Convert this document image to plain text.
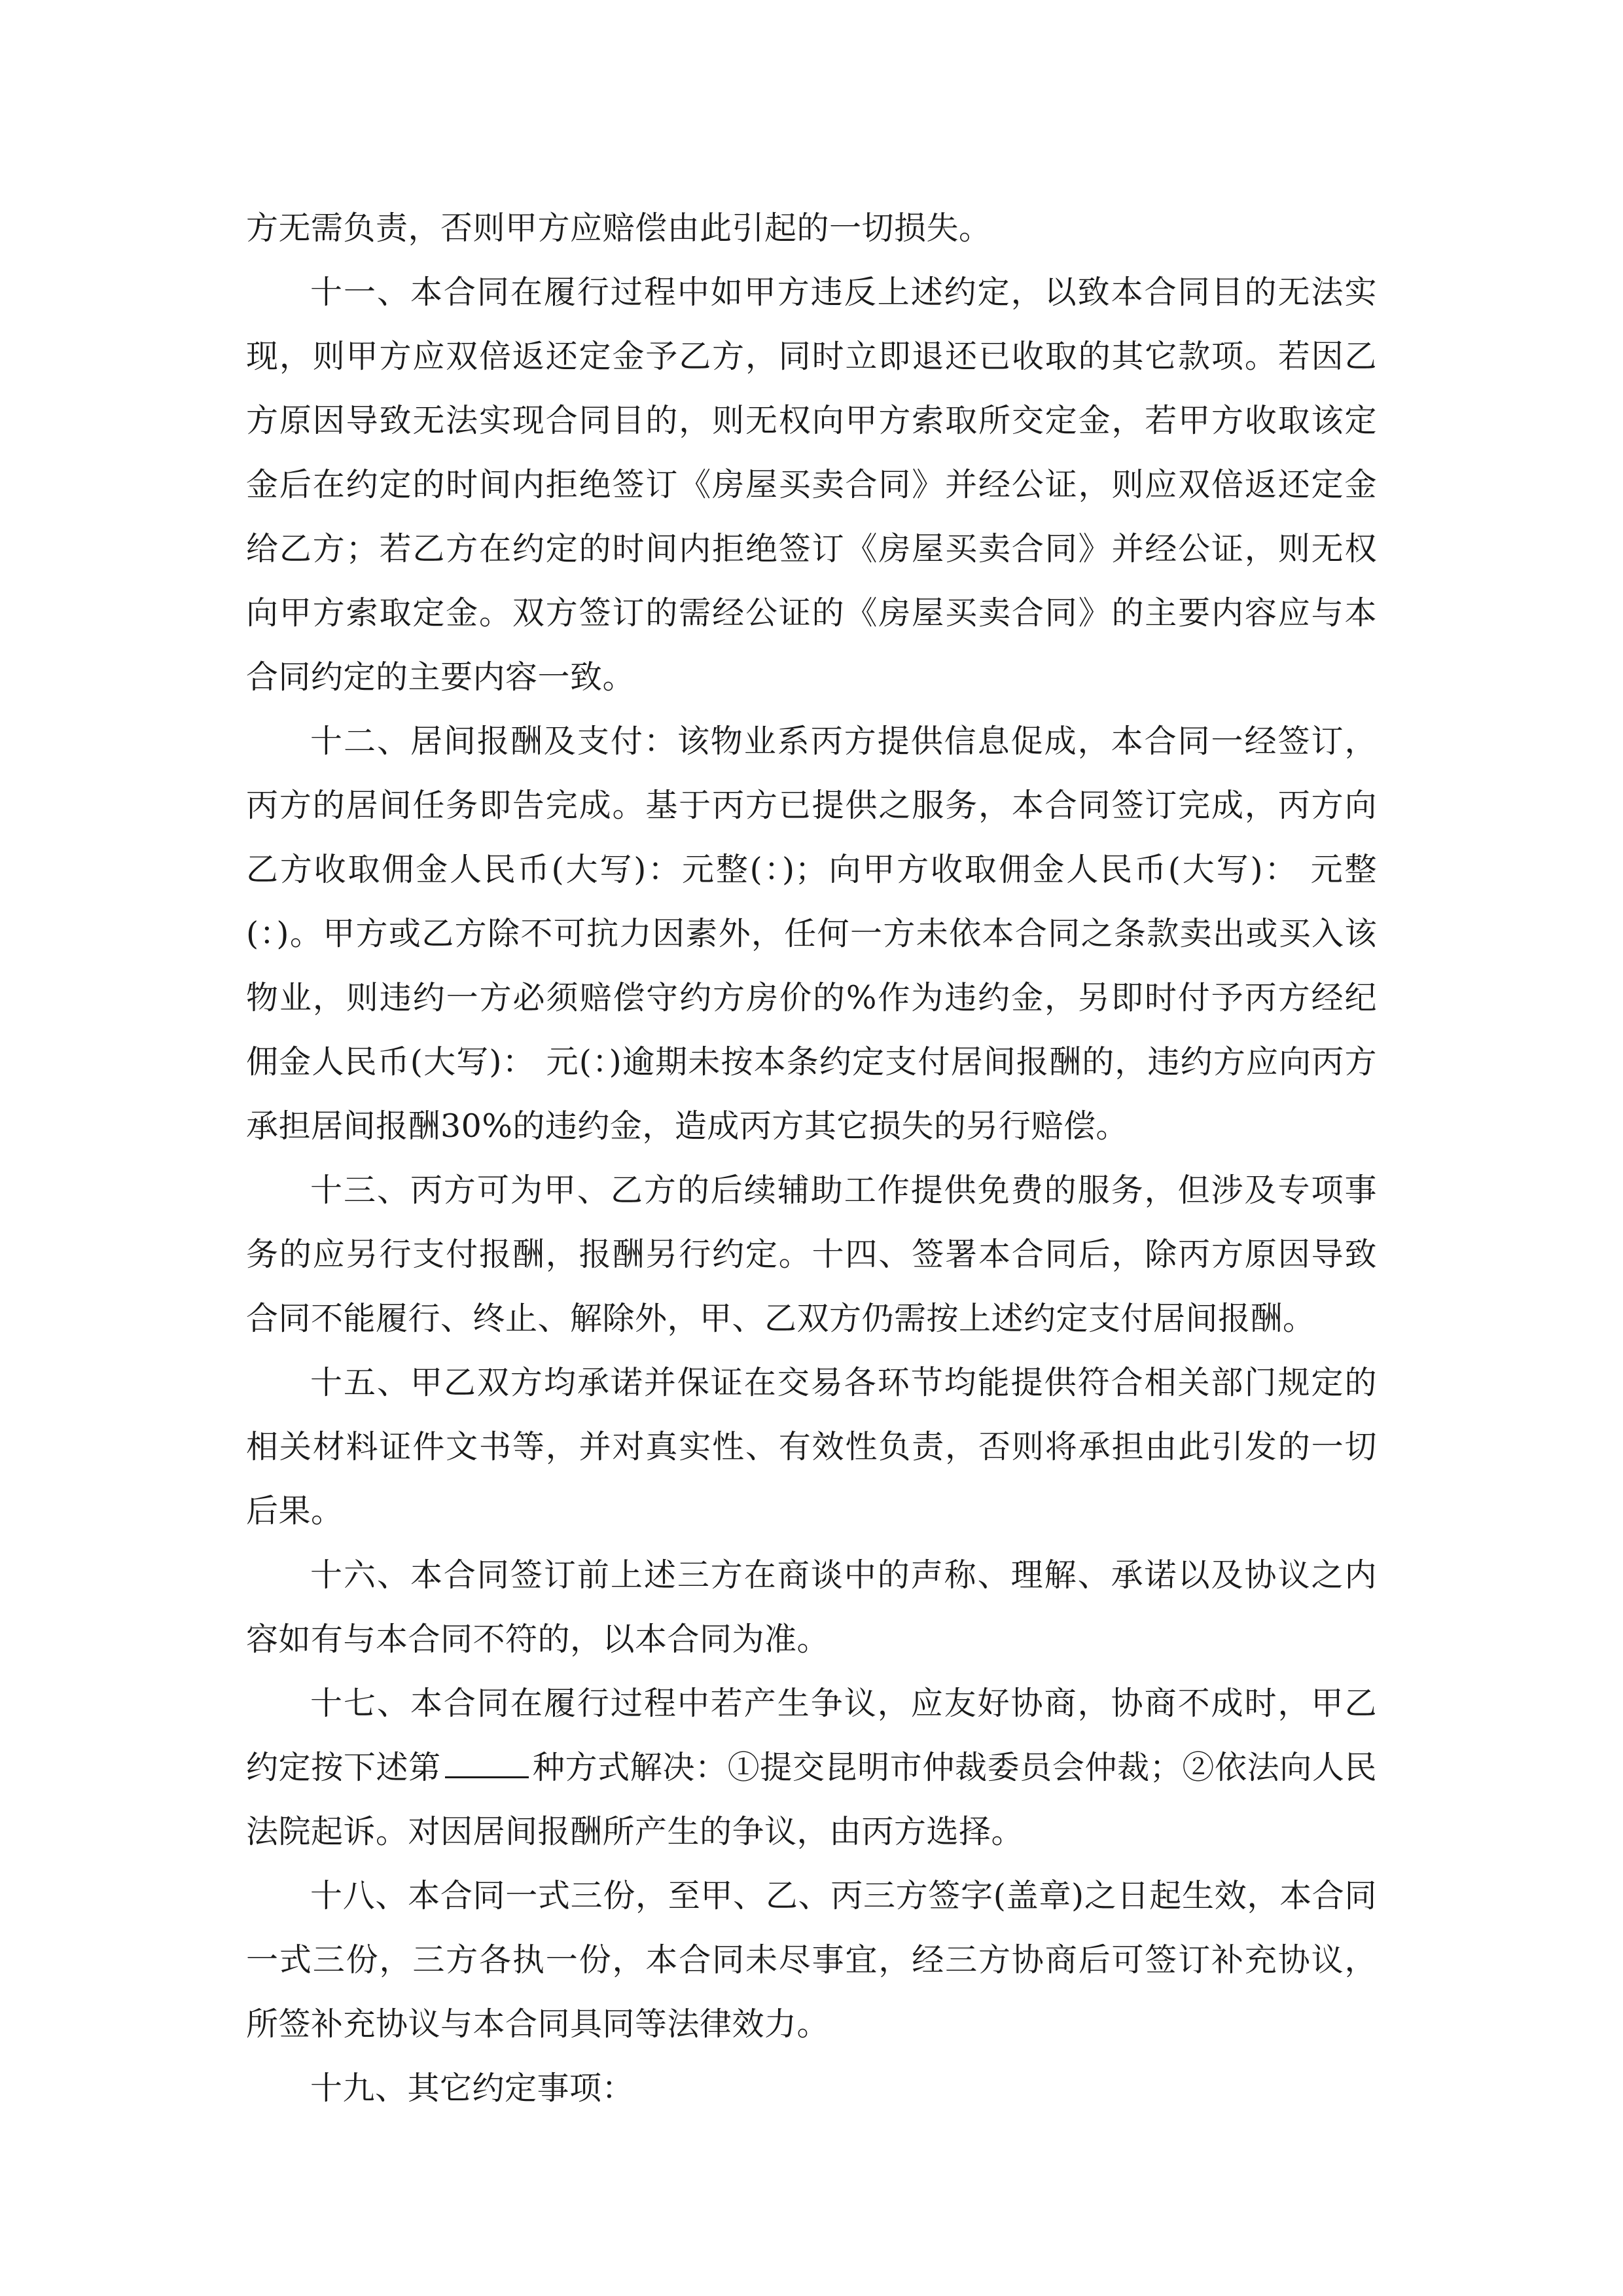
方无需负责，否则甲方应赔偿由此引起的一切损失。

十一、本合同在履行过程中如甲方违反上述约定，以致本合同目的无法实现，则甲方应双倍返还定金予乙方，同时立即退还已收取的其它款项。若因乙方原因导致无法实现合同目的，则无权向甲方索取所交定金，若甲方收取该定金后在约定的时间内拒绝签订《房屋买卖合同》并经公证，则应双倍返还定金给乙方；若乙方在约定的时间内拒绝签订《房屋买卖合同》并经公证，则无权向甲方索取定金。双方签订的需经公证的《房屋买卖合同》的主要内容应与本合同约定的主要内容一致。

十二、居间报酬及支付：该物业系丙方提供信息促成，本合同一经签订，丙方的居间任务即告完成。基于丙方已提供之服务，本合同签订完成，丙方向乙方收取佣金人民币(大写)：元整(：)；向甲方收取佣金人民币(大写)： 元整(：)。甲方或乙方除不可抗力因素外，任何一方未依本合同之条款卖出或买入该物业，则违约一方必须赔偿守约方房价的%作为违约金，另即时付予丙方经纪佣金人民币(大写)： 元(：)逾期未按本条约定支付居间报酬的，违约方应向丙方承担居间报酬30%的违约金，造成丙方其它损失的另行赔偿。

十三、丙方可为甲、乙方的后续辅助工作提供免费的服务，但涉及专项事务的应另行支付报酬，报酬另行约定。十四、签署本合同后，除丙方原因导致合同不能履行、终止、解除外，甲、乙双方仍需按上述约定支付居间报酬。

十五、甲乙双方均承诺并保证在交易各环节均能提供符合相关部门规定的相关材料证件文书等，并对真实性、有效性负责，否则将承担由此引发的一切后果。

十六、本合同签订前上述三方在商谈中的声称、理解、承诺以及协议之内容如有与本合同不符的，以本合同为准。

十七、本合同在履行过程中若产生争议，应友好协商，协商不成时，甲乙约定按下述第	种方式解决：①提交昆明市仲裁委员会仲裁；②依法向人民法院起诉。对因居间报酬所产生的争议，由丙方选择。

十八、本合同一式三份，至甲、乙、丙三方签字(盖章)之日起生效，本合同一式三份，三方各执一份，本合同未尽事宜，经三方协商后可签订补充协议，所签补充协议与本合同具同等法律效力。

十九、其它约定事项：
